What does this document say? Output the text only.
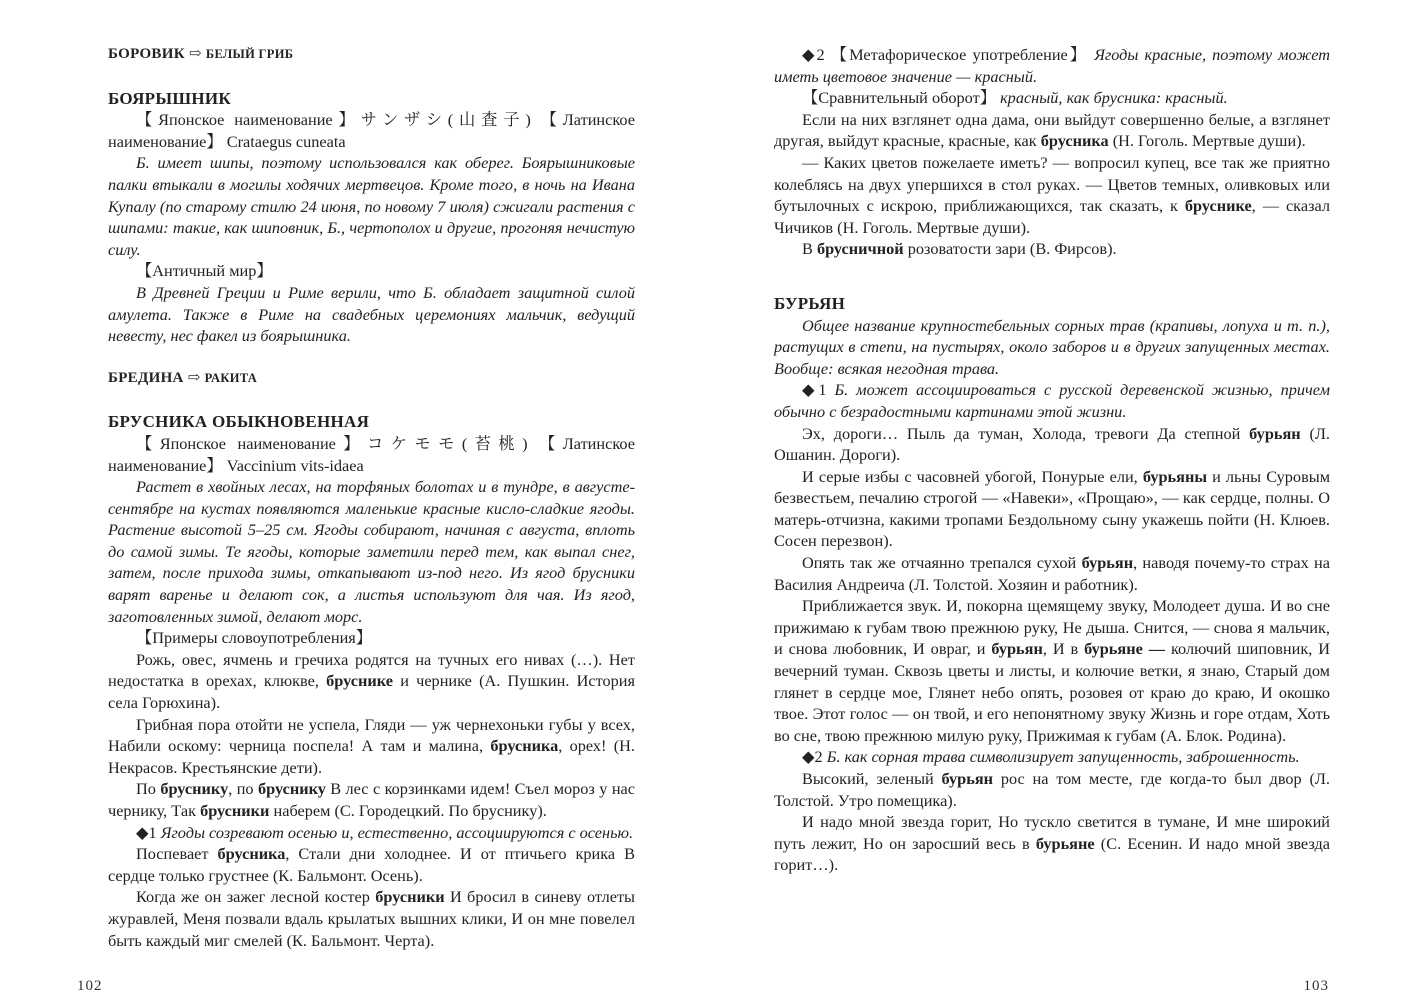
БОРОВИК ⇨ БЕЛЫЙ ГРИБ
БОЯРЫШНИК

【Японское наименование】サンザシ(山査子) 【Латинское наименование】 Crataegus cuneata

Б. имеет шипы, поэтому использовался как оберег. Боярышниковые палки втыкали в могилы ходячих мертвецов. Кроме того, в ночь на Ивана Купалу (по старому стилю 24 июня, по новому 7 июля) сжигали растения с шипами: такие, как шиповник, Б., чертополох и другие, прогоняя нечистую силу.

【Античный мир】

В Древней Греции и Риме верили, что Б. обладает защитной силой амулета. Также в Риме на свадебных церемониях мальчик, ведущий невесту, нес факел из боярышника.

БРЕДИНА ⇨ РАКИТА
БРУСНИКА ОБЫКНОВЕННАЯ

【Японское наименование】コケモモ(苔桃) 【Латинское наименование】 Vaccinium vits-idaea

Растет в хвойных лесах, на торфяных болотах и в тундре, в августе-сентябре на кустах появляются маленькие красные кисло-сладкие ягоды. Растение высотой 5–25 см. Ягоды собирают, начиная с августа, вплоть до самой зимы. Те ягоды, которые заметили перед тем, как выпал снег, затем, после прихода зимы, откапывают из-под него. Из ягод брусники варят варенье и делают сок, а листья используют для чая. Из ягод, заготовленных зимой, делают морс.

【Примеры словоупотребления】

Рожь, овес, ячмень и гречиха родятся на тучных его нивах (…). Нет недостатка в орехах, клюкве, бруснике и чернике (А. Пушкин. История села Горюхина).

Грибная пора отойти не успела, Гляди — уж чернехоньки губы у всех, Набили оскому: черница поспела! А там и малина, брусника, орех! (Н. Некрасов. Крестьянские дети).

По бруснику, по бруснику В лес с корзинками идем! Съел мороз у нас чернику, Так брусники наберем (С. Городецкий. По бруснику).

◆1 Ягоды созревают осенью и, естественно, ассоциируются с осенью.

Поспевает брусника, Стали дни холоднее. И от птичьего крика В сердце только грустнее (К. Бальмонт. Осень).

Когда же он зажег лесной костер брусники И бросил в синеву отлеты журавлей, Меня позвали вдаль крылатых вышних клики, И он мне повелел быть каждый миг смелей (К. Бальмонт. Черта).

102

◆2 【Метафорическое употребление】 Ягоды красные, поэтому может иметь цветовое значение — красный.

【Сравнительный оборот】 красный, как брусника: красный.

Если на них взглянет одна дама, они выйдут совершенно белые, а взглянет другая, выйдут красные, красные, как брусника (Н. Гоголь. Мертвые души).

— Каких цветов пожелаете иметь? — вопросил купец, все так же приятно колеблясь на двух упершихся в стол руках. — Цветов темных, оливковых или бутылочных с искрою, приближающихся, так сказать, к бруснике, — сказал Чичиков (Н. Гоголь. Мертвые души).

В брусничной розоватости зари (В. Фирсов).

БУРЬЯН

Общее название крупностебельных сорных трав (крапивы, лопуха и т. п.), растущих в степи, на пустырях, около заборов и в других запущенных местах. Вообще: всякая негодная трава.

◆1 Б. может ассоциироваться с русской деревенской жизнью, причем обычно с безрадостными картинами этой жизни.

Эх, дороги… Пыль да туман, Холода, тревоги Да степной бурьян (Л. Ошанин. Дороги).

И серые избы с часовней убогой, Понурые ели, бурьяны и льны Суровым безвестьем, печалию строгой — «Навеки», «Прощаю», — как сердце, полны. О матерь-отчизна, какими тропами Бездольному сыну укажешь пойти (Н. Клюев. Сосен перезвон).

Опять так же отчаянно трепался сухой бурьян, наводя почему-то страх на Василия Андреича (Л. Толстой. Хозяин и работник).

Приближается звук. И, покорна щемящему звуку, Молодеет душа. И во сне прижимаю к губам твою прежнюю руку, Не дыша. Снится, — снова я мальчик, и снова любовник, И овраг, и бурьян, И в бурьяне — колючий шиповник, И вечерний туман. Сквозь цветы и листы, и колючие ветки, я знаю, Старый дом глянет в сердце мое, Глянет небо опять, розовея от краю до краю, И окошко твое. Этот голос — он твой, и его непонятному звуку Жизнь и горе отдам, Хоть во сне, твою прежнюю милую руку, Прижимая к губам (А. Блок. Родина).

◆2 Б. как сорная трава символизирует запущенность, заброшенность.

Высокий, зеленый бурьян рос на том месте, где когда-то был двор (Л. Толстой. Утро помещика).

И надо мной звезда горит, Но тускло светится в тумане, И мне широкий путь лежит, Но он заросший весь в бурьяне (С. Есенин. И надо мной звезда горит…).

103
